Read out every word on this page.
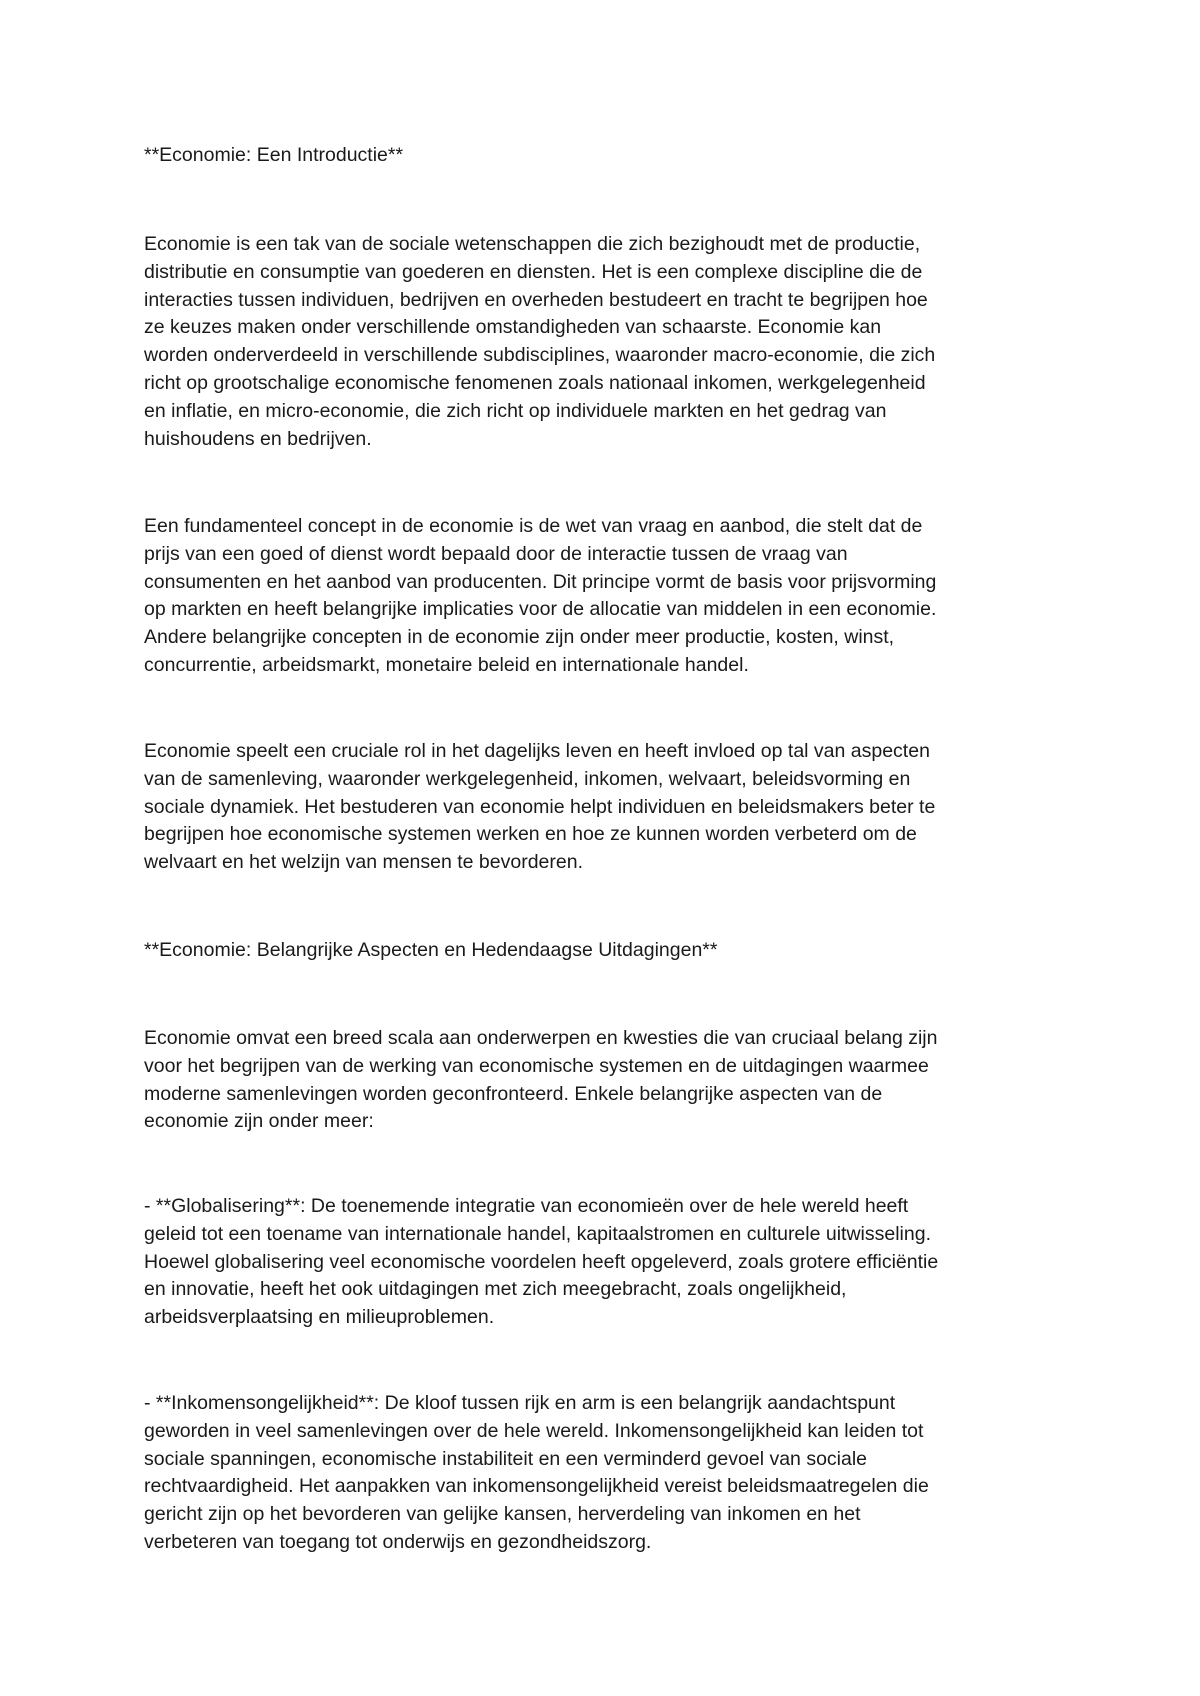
**Economie: Een Introductie**

Economie is een tak van de sociale wetenschappen die zich bezighoudt met de productie,
distributie en consumptie van goederen en diensten. Het is een complexe discipline die de
interacties tussen individuen, bedrijven en overheden bestudeert en tracht te begrijpen hoe
ze keuzes maken onder verschillende omstandigheden van schaarste. Economie kan
worden onderverdeeld in verschillende subdisciplines, waaronder macro-economie, die zich
richt op grootschalige economische fenomenen zoals nationaal inkomen, werkgelegenheid
en inflatie, en micro-economie, die zich richt op individuele markten en het gedrag van
huishoudens en bedrijven.

Een fundamenteel concept in de economie is de wet van vraag en aanbod, die stelt dat de
prijs van een goed of dienst wordt bepaald door de interactie tussen de vraag van
consumenten en het aanbod van producenten. Dit principe vormt de basis voor prijsvorming
op markten en heeft belangrijke implicaties voor de allocatie van middelen in een economie.
Andere belangrijke concepten in de economie zijn onder meer productie, kosten, winst,
concurrentie, arbeidsmarkt, monetaire beleid en internationale handel.

Economie speelt een cruciale rol in het dagelijks leven en heeft invloed op tal van aspecten
van de samenleving, waaronder werkgelegenheid, inkomen, welvaart, beleidsvorming en
sociale dynamiek. Het bestuderen van economie helpt individuen en beleidsmakers beter te
begrijpen hoe economische systemen werken en hoe ze kunnen worden verbeterd om de
welvaart en het welzijn van mensen te bevorderen.

**Economie: Belangrijke Aspecten en Hedendaagse Uitdagingen**

Economie omvat een breed scala aan onderwerpen en kwesties die van cruciaal belang zijn
voor het begrijpen van de werking van economische systemen en de uitdagingen waarmee
moderne samenlevingen worden geconfronteerd. Enkele belangrijke aspecten van de
economie zijn onder meer:

- **Globalisering**: De toenemende integratie van economieën over de hele wereld heeft
geleid tot een toename van internationale handel, kapitaalstromen en culturele uitwisseling.
Hoewel globalisering veel economische voordelen heeft opgeleverd, zoals grotere efficiëntie
en innovatie, heeft het ook uitdagingen met zich meegebracht, zoals ongelijkheid,
arbeidsverplaatsing en milieuproblemen.

- **Inkomensongelijkheid**: De kloof tussen rijk en arm is een belangrijk aandachtspunt
geworden in veel samenlevingen over de hele wereld. Inkomensongelijkheid kan leiden tot
sociale spanningen, economische instabiliteit en een verminderd gevoel van sociale
rechtvaardigheid. Het aanpakken van inkomensongelijkheid vereist beleidsmaatregelen die
gericht zijn op het bevorderen van gelijke kansen, herverdeling van inkomen en het
verbeteren van toegang tot onderwijs en gezondheidszorg.
